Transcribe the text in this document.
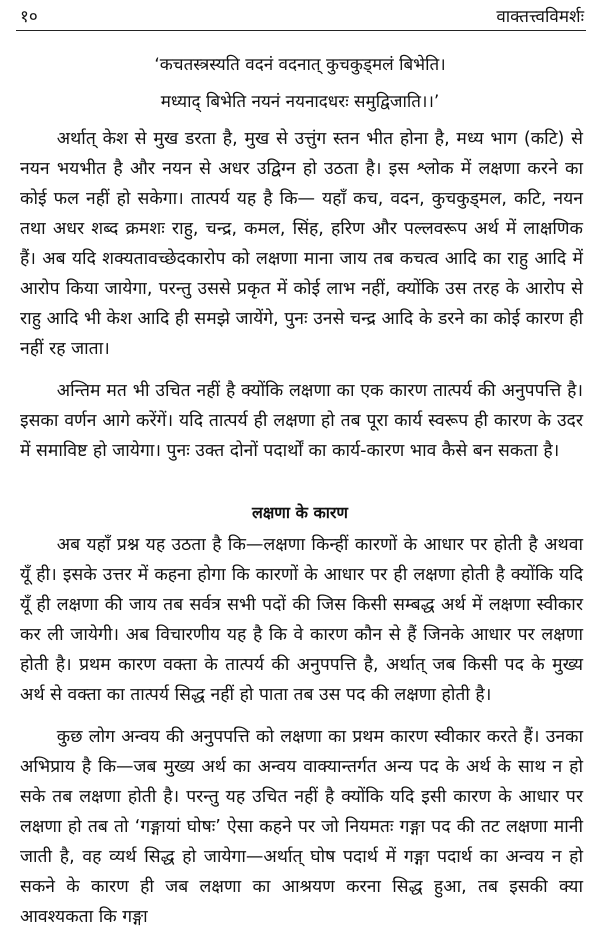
१०	वाक्तत्त्वविमर्शः
‘कचतस्त्रस्यति वदनं वदनात् कुचकुड्मलं बिभेति।
मध्याद् बिभेति नयनं नयनादधरः समुद्विजाति।।’

अर्थात् केश से मुख डरता है, मुख से उत्तुंग स्तन भीत होना है, मध्य भाग (कटि) से नयन भयभीत है और नयन से अधर उद्विग्न हो उठता है। इस श्लोक में लक्षणा करने का कोई फल नहीं हो सकेगा। तात्पर्य यह है कि— यहाँ कच, वदन, कुचकुड्मल, कटि, नयन तथा अधर शब्द क्रमशः राहु, चन्द्र, कमल, सिंह, हरिण और पल्लवरूप अर्थ में लाक्षणिक हैं। अब यदि शक्यतावच्छेदकारोप को लक्षणा माना जाय तब कचत्व आदि का राहु आदि में आरोप किया जायेगा, परन्तु उससे प्रकृत में कोई लाभ नहीं, क्योंकि उस तरह के आरोप से राहु आदि भी केश आदि ही समझे जायेंगे, पुनः उनसे चन्द्र आदि के डरने का कोई कारण ही नहीं रह जाता।

अन्तिम मत भी उचित नहीं है क्योंकि लक्षणा का एक कारण तात्पर्य की अनुपपत्ति है। इसका वर्णन आगे करेंगें। यदि तात्पर्य ही लक्षणा हो तब पूरा कार्य स्वरूप ही कारण के उदर में समाविष्ट हो जायेगा। पुनः उक्त दोनों पदार्थों का कार्य-कारण भाव कैसे बन सकता है।

लक्षणा के कारण

अब यहाँ प्रश्न यह उठता है कि—लक्षणा किन्हीं कारणों के आधार पर होती है अथवा यूँ ही। इसके उत्तर में कहना होगा कि कारणों के आधार पर ही लक्षणा होती है क्योंकि यदि यूँ ही लक्षणा की जाय तब सर्वत्र सभी पदों की जिस किसी सम्बद्ध अर्थ में लक्षणा स्वीकार कर ली जायेगी। अब विचारणीय यह है कि वे कारण कौन से हैं जिनके आधार पर लक्षणा होती है। प्रथम कारण वक्ता के तात्पर्य की अनुपपत्ति है, अर्थात् जब किसी पद के मुख्य अर्थ से वक्ता का तात्पर्य सिद्ध नहीं हो पाता तब उस पद की लक्षणा होती है।

कुछ लोग अन्वय की अनुपपत्ति को लक्षणा का प्रथम कारण स्वीकार करते हैं। उनका अभिप्राय है कि—जब मुख्य अर्थ का अन्वय वाक्यान्तर्गत अन्य पद के अर्थ के साथ न हो सके तब लक्षणा होती है। परन्तु यह उचित नहीं है क्योंकि यदि इसी कारण के आधार पर लक्षणा हो तब तो ‘गङ्गायां घोषः’ ऐसा कहने पर जो नियमतः गङ्गा पद की तट लक्षणा मानी जाती है, वह व्यर्थ सिद्ध हो जायेगा—अर्थात् घोष पदार्थ में गङ्गा पदार्थ का अन्वय न हो सकने के कारण ही जब लक्षणा का आश्रयण करना सिद्ध हुआ, तब इसकी क्या आवश्यकता कि गङ्गा
